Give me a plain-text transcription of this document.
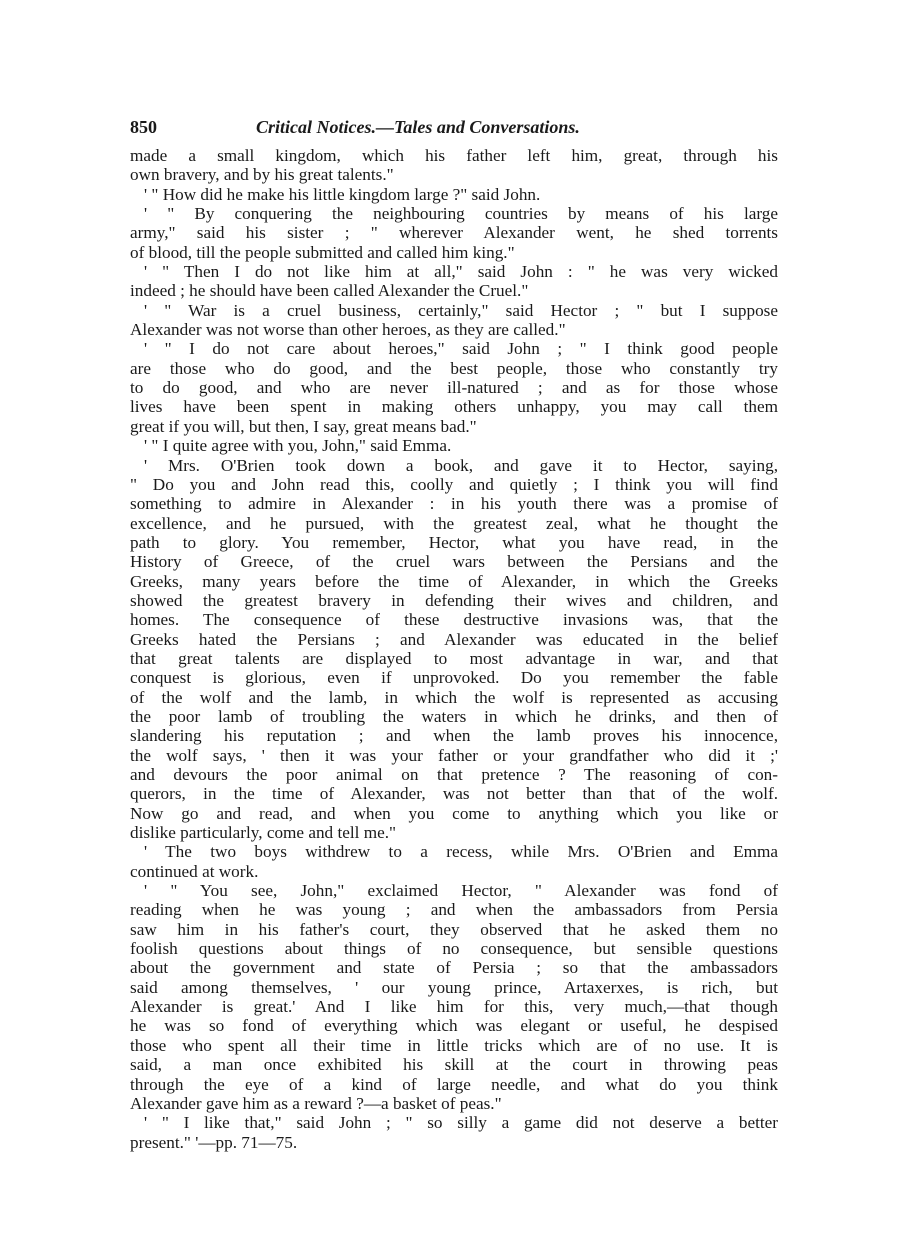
850	Critical Notices.—Tales and Conversations.
made a small kingdom, which his father left him, great, through his
own bravery, and by his great talents."
' " How did he make his little kingdom large ?" said John.
' " By conquering the neighbouring countries by means of his large
army," said his sister ; " wherever Alexander went, he shed torrents
of blood, till the people submitted and called him king."
' " Then I do not like him at all," said John : " he was very wicked
indeed ; he should have been called Alexander the Cruel."
' " War is a cruel business, certainly," said Hector ; " but I suppose
Alexander was not worse than other heroes, as they are called."
' " I do not care about heroes," said John ; " I think good people
are those who do good, and the best people, those who constantly try
to do good, and who are never ill-natured ; and as for those whose
lives have been spent in making others unhappy, you may call them
great if you will, but then, I say, great means bad."
' " I quite agree with you, John," said Emma.
' Mrs. O'Brien took down a book, and gave it to Hector, saying,
" Do you and John read this, coolly and quietly ; I think you will find
something to admire in Alexander : in his youth there was a promise of
excellence, and he pursued, with the greatest zeal, what he thought the
path to glory. You remember, Hector, what you have read, in the
History of Greece, of the cruel wars between the Persians and the
Greeks, many years before the time of Alexander, in which the Greeks
showed the greatest bravery in defending their wives and children, and
homes. The consequence of these destructive invasions was, that the
Greeks hated the Persians ; and Alexander was educated in the belief
that great talents are displayed to most advantage in war, and that
conquest is glorious, even if unprovoked. Do you remember the fable
of the wolf and the lamb, in which the wolf is represented as accusing
the poor lamb of troubling the waters in which he drinks, and then of
slandering his reputation ; and when the lamb proves his innocence,
the wolf says, ' then it was your father or your grandfather who did it ;'
and devours the poor animal on that pretence ? The reasoning of con-
querors, in the time of Alexander, was not better than that of the wolf.
Now go and read, and when you come to anything which you like or
dislike particularly, come and tell me."
' The two boys withdrew to a recess, while Mrs. O'Brien and Emma
continued at work.
' " You see, John," exclaimed Hector, " Alexander was fond of
reading when he was young ; and when the ambassadors from Persia
saw him in his father's court, they observed that he asked them no
foolish questions about things of no consequence, but sensible questions
about the government and state of Persia ; so that the ambassadors
said among themselves, ' our young prince, Artaxerxes, is rich, but
Alexander is great.' And I like him for this, very much,—that though
he was so fond of everything which was elegant or useful, he despised
those who spent all their time in little tricks which are of no use. It is
said, a man once exhibited his skill at the court in throwing peas
through the eye of a kind of large needle, and what do you think
Alexander gave him as a reward ?—a basket of peas."
' " I like that," said John ; " so silly a game did not deserve a better
present." '—pp. 71—75.
